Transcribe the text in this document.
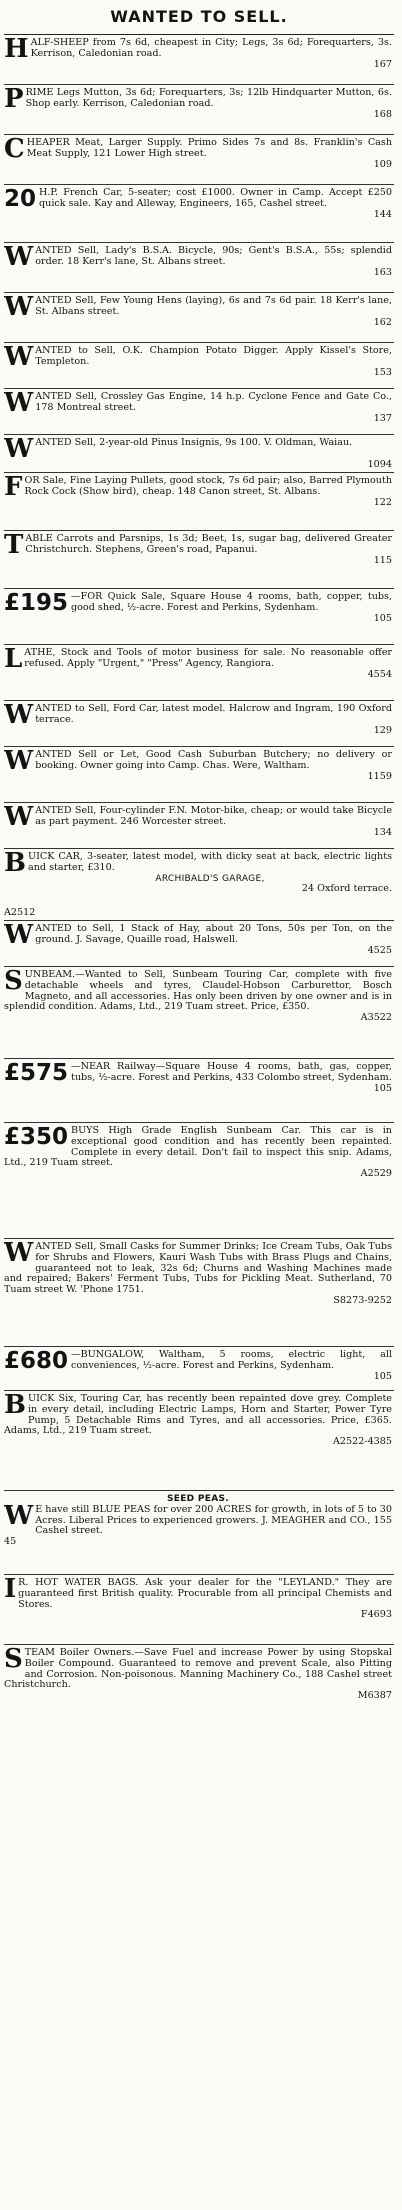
WANTED TO SELL.
H ALF-SHEEP from 7s 6d, cheapest in City; Legs, 3s 6d; Forequarters, 3s. Kerrison, Caledonian road.

167
P RIME Legs Mutton, 3s 6d; Forequarters, 3s; 12lb Hindquarter Mutton, 6s. Shop early. Kerrison, Caledonian road.

168
C HEAPER Meat, Larger Supply. Primo Sides 7s and 8s. Franklin's Cash Meat Supply, 121 Lower High street.

109
20 H.P. French Car, 5-seater; cost £1000. Owner in Camp. Accept £250 quick sale. Kay and Alleway, Engineers, 165, Cashel street.

144
W ANTED Sell, Lady's B.S.A. Bicycle, 90s; Gent's B.S.A., 55s; splendid order. 18 Kerr's lane, St. Albans street.

163
W ANTED Sell, Few Young Hens (laying), 6s and 7s 6d pair. 18 Kerr's lane, St. Albans street.

162
W ANTED to Sell, O.K. Champion Potato Digger. Apply Kissel's Store, Templeton.

153
W ANTED Sell, Crossley Gas Engine, 14 h.p. Cyclone Fence and Gate Co., 178 Montreal street.

137
W ANTED Sell, 2-year-old Pinus Insignis, 9s 100. V. Oldman, Waiau.

1094
F OR Sale, Fine Laying Pullets, good stock, 7s 6d pair; also, Barred Plymouth Rock Cock (Show bird), cheap. 148 Canon street, St. Albans.

122
T ABLE Carrots and Parsnips, 1s 3d; Beet, 1s, sugar bag, delivered Greater Christchurch. Stephens, Green's road, Papanui.

115
£195 —FOR Quick Sale, Square House 4 rooms, bath, copper, tubs, good shed, ½-acre. Forest and Perkins, Sydenham.

105
L ATHE, Stock and Tools of motor business for sale. No reasonable offer refused. Apply "Urgent," "Press" Agency, Rangiora.

4554
W ANTED to Sell, Ford Car, latest model. Halcrow and Ingram, 190 Oxford terrace.

129
W ANTED Sell or Let, Good Cash Suburban Butchery; no delivery or booking. Owner going into Camp. Chas. Were, Waltham.

1159
W ANTED Sell, Four-cylinder F.N. Motor-bike, cheap; or would take Bicycle as part payment. 246 Worcester street.

134
B UICK CAR, 3-seater, latest model, with dicky seat at back, electric lights and starter, £310.

ARCHIBALD'S GARAGE,

24 Oxford terrace.

A2512
W ANTED to Sell, 1 Stack of Hay, about 20 Tons, 50s per Ton, on the ground. J. Savage, Quaille road, Halswell.

4525
S UNBEAM.—Wanted to Sell, Sunbeam Touring Car, complete with five detachable wheels and tyres, Claudel-Hobson Carburettor, Bosch Magneto, and all accessories. Has only been driven by one owner and is in splendid condition. Adams, Ltd., 219 Tuam street. Price, £350.

A3522
£575 —NEAR Railway—Square House 4 rooms, bath, gas, copper, tubs, ½-acre. Forest and Perkins, 433 Colombo street, Sydenham.

105
£350 BUYS High Grade English Sunbeam Car. This car is in exceptional good condition and has recently been repainted. Complete in every detail. Don't fail to inspect this snip. Adams, Ltd., 219 Tuam street.

A2529
W ANTED Sell, Small Casks for Summer Drinks; Ice Cream Tubs, Oak Tubs for Shrubs and Flowers, Kauri Wash Tubs with Brass Plugs and Chains, guaranteed not to leak, 32s 6d; Churns and Washing Machines made and repaired; Bakers' Ferment Tubs, Tubs for Pickling Meat. Sutherland, 70 Tuam street W. 'Phone 1751.

S8273-9252
£680 —BUNGALOW, Waltham, 5 rooms, electric light, all conveniences, ½-acre. Forest and Perkins, Sydenham.

105
B UICK Six, Touring Car, has recently been repainted dove grey. Complete in every detail, including Electric Lamps, Horn and Starter, Power Tyre Pump, 5 Detachable Rims and Tyres, and all accessories. Price, £365. Adams, Ltd., 219 Tuam street.

A2522-4385

SEED PEAS.

W E have still BLUE PEAS for over 200 ACRES for growth, in lots of 5 to 30 Acres. Liberal Prices to experienced growers. J. MEAGHER and CO., 155 Cashel street.

45
I R. HOT WATER BAGS. Ask your dealer for the "LEYLAND." They are guaranteed first British quality. Procurable from all principal Chemists and Stores.

F4693
S TEAM Boiler Owners.—Save Fuel and increase Power by using Stopskal Boiler Compound. Guaranteed to remove and prevent Scale, also Pitting and Corrosion. Non-poisonous. Manning Machinery Co., 188 Cashel street Christchurch.

M6387
